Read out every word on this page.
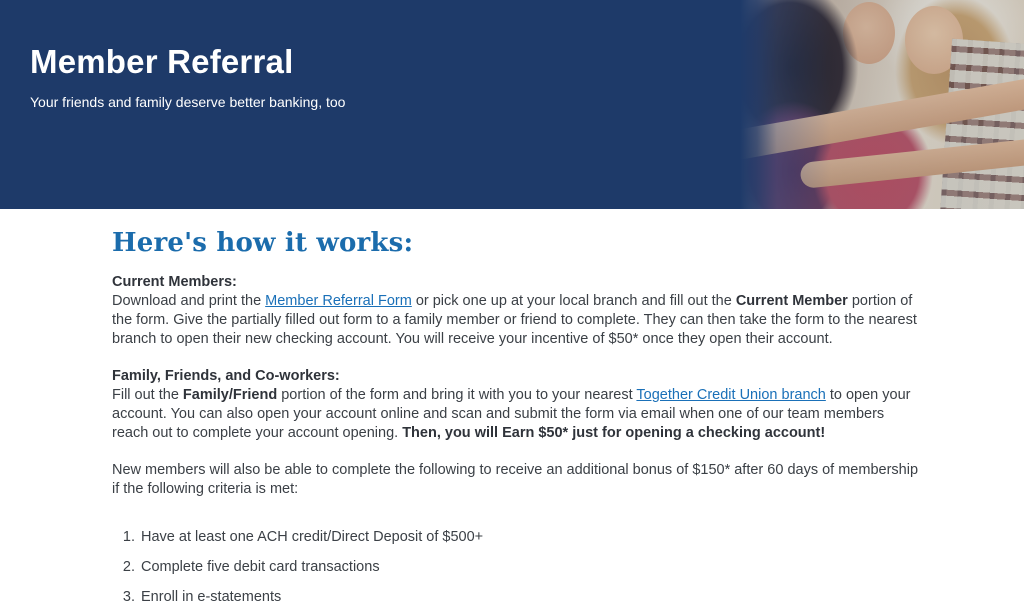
Member Referral
Your friends and family deserve better banking, too
Here's how it works:
Current Members:

Download and print the Member Referral Form or pick one up at your local branch and fill out the Current Member portion of the form. Give the partially filled out form to a family member or friend to complete. They can then take the form to the nearest branch to open their new checking account. You will receive your incentive of $50* once they open their account.

Family, Friends, and Co-workers:

Fill out the Family/Friend portion of the form and bring it with you to your nearest Together Credit Union branch to open your account. You can also open your account online and scan and submit the form via email when one of our team members reach out to complete your account opening. Then, you will Earn $50* just for opening a checking account!

New members will also be able to complete the following to receive an additional bonus of $150* after 60 days of membership if the following criteria is met:

1. Have at least one ACH credit/Direct Deposit of $500+
2. Complete five debit card transactions
3. Enroll in e-statements
